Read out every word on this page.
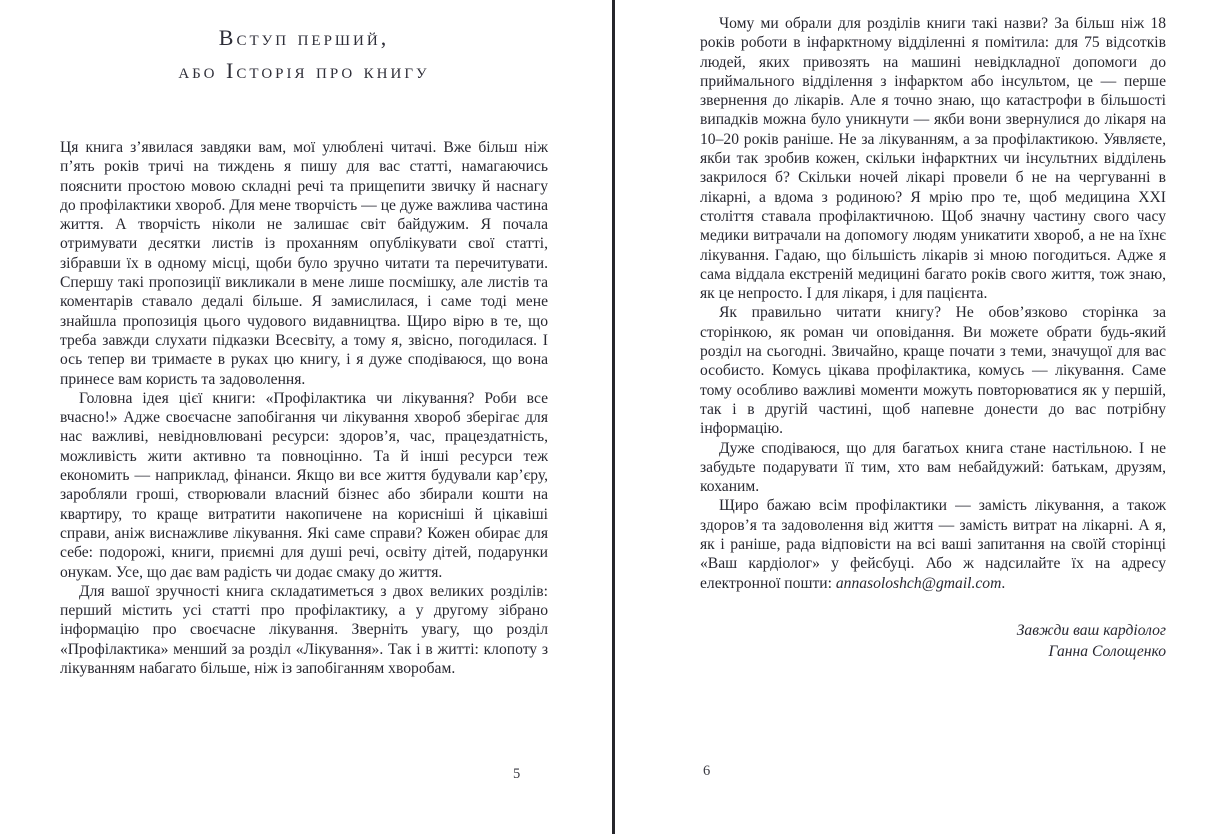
Вступ перший,
або Історія про книгу

Ця книга з’явилася завдяки вам, мої улюблені читачі. Вже більш ніж п’ять років тричі на тиждень я пишу для вас статті, намагаючись пояснити простою мовою складні речі та прищепити звичку й наснагу до профілактики хвороб. Для мене творчість — це дуже важлива частина життя. А творчість ніколи не залишає світ байдужим. Я почала отримувати десятки листів із проханням опублікувати свої статті, зібравши їх в одному місці, щоби було зручно читати та перечитувати. Спершу такі пропозиції викликали в мене лише посмішку, але листів та коментарів ставало дедалі більше. Я замислилася, і саме тоді мене знайшла пропозиція цього чудового видавництва. Щиро вірю в те, що треба завжди слухати підказки Всесвіту, а тому я, звісно, погодилася. І ось тепер ви тримаєте в руках цю книгу, і я дуже сподіваюся, що вона принесе вам користь та задоволення.

Головна ідея цієї книги: «Профілактика чи лікування? Роби все вчасно!» Адже своєчасне запобігання чи лікування хвороб зберігає для нас важливі, невідновлювані ресурси: здоров’я, час, працездатність, можливість жити активно та повноцінно. Та й інші ресурси теж економить — наприклад, фінанси. Якщо ви все життя будували кар’єру, заробляли гроші, створювали власний бізнес або збирали кошти на квартиру, то краще витратити накопичене на корисніші й цікавіші справи, аніж виснажливе лікування. Які саме справи? Кожен обирає для себе: подорожі, книги, приємні для душі речі, освіту дітей, подарунки онукам. Усе, що дає вам радість чи додає смаку до життя.

Для вашої зручності книга складатиметься з двох великих розділів: перший містить усі статті про профілактику, а у другому зібрано інформацію про своєчасне лікування. Зверніть увагу, що розділ «Профілактика» менший за розділ «Лікування». Так і в житті: клопоту з лікуванням набагато більше, ніж із запобіганням хворобам.

Чому ми обрали для розділів книги такі назви? За більш ніж 18 років роботи в інфарктному відділенні я помітила: для 75 відсотків людей, яких привозять на машині невідкладної допомоги до приймального відділення з інфарктом або інсультом, це — перше звернення до лікарів. Але я точно знаю, що катастрофи в більшості випадків можна було уникнути — якби вони звернулися до лікаря на 10–20 років раніше. Не за лікуванням, а за профілактикою. Уявляєте, якби так зробив кожен, скільки інфарктних чи інсультних відділень закрилося б? Скільки ночей лікарі провели б не на чергуванні в лікарні, а вдома з родиною? Я мрію про те, щоб медицина XXI століття ставала профілактичною. Щоб значну частину свого часу медики витрачали на допомогу людям уникатити хвороб, а не на їхнє лікування. Гадаю, що більшість лікарів зі мною погодиться. Адже я сама віддала екстреній медицині багато років свого життя, тож знаю, як це непросто. І для лікаря, і для пацієнта.

Як правильно читати книгу? Не обов’язково сторінка за сторінкою, як роман чи оповідання. Ви можете обрати будь-який розділ на сьогодні. Звичайно, краще почати з теми, значущої для вас особисто. Комусь цікава профілактика, комусь — лікування. Саме тому особливо важливі моменти можуть повторюватися як у першій, так і в другій частині, щоб напевне донести до вас потрібну інформацію.

Дуже сподіваюся, що для багатьох книга стане настільною. І не забудьте подарувати її тим, хто вам небайдужий: батькам, друзям, коханим.

Щиро бажаю всім профілактики — замість лікування, а також здоров’я та задоволення від життя — замість витрат на лікарні. А я, як і раніше, рада відповісти на всі ваші запитання на своїй сторінці «Ваш кардіолог» у фейсбуці. Або ж надсилайте їх на адресу електронної пошти: annasoloshch@gmail.com.

Завжди ваш кардіолог
Ганна Солощенко
5	6
